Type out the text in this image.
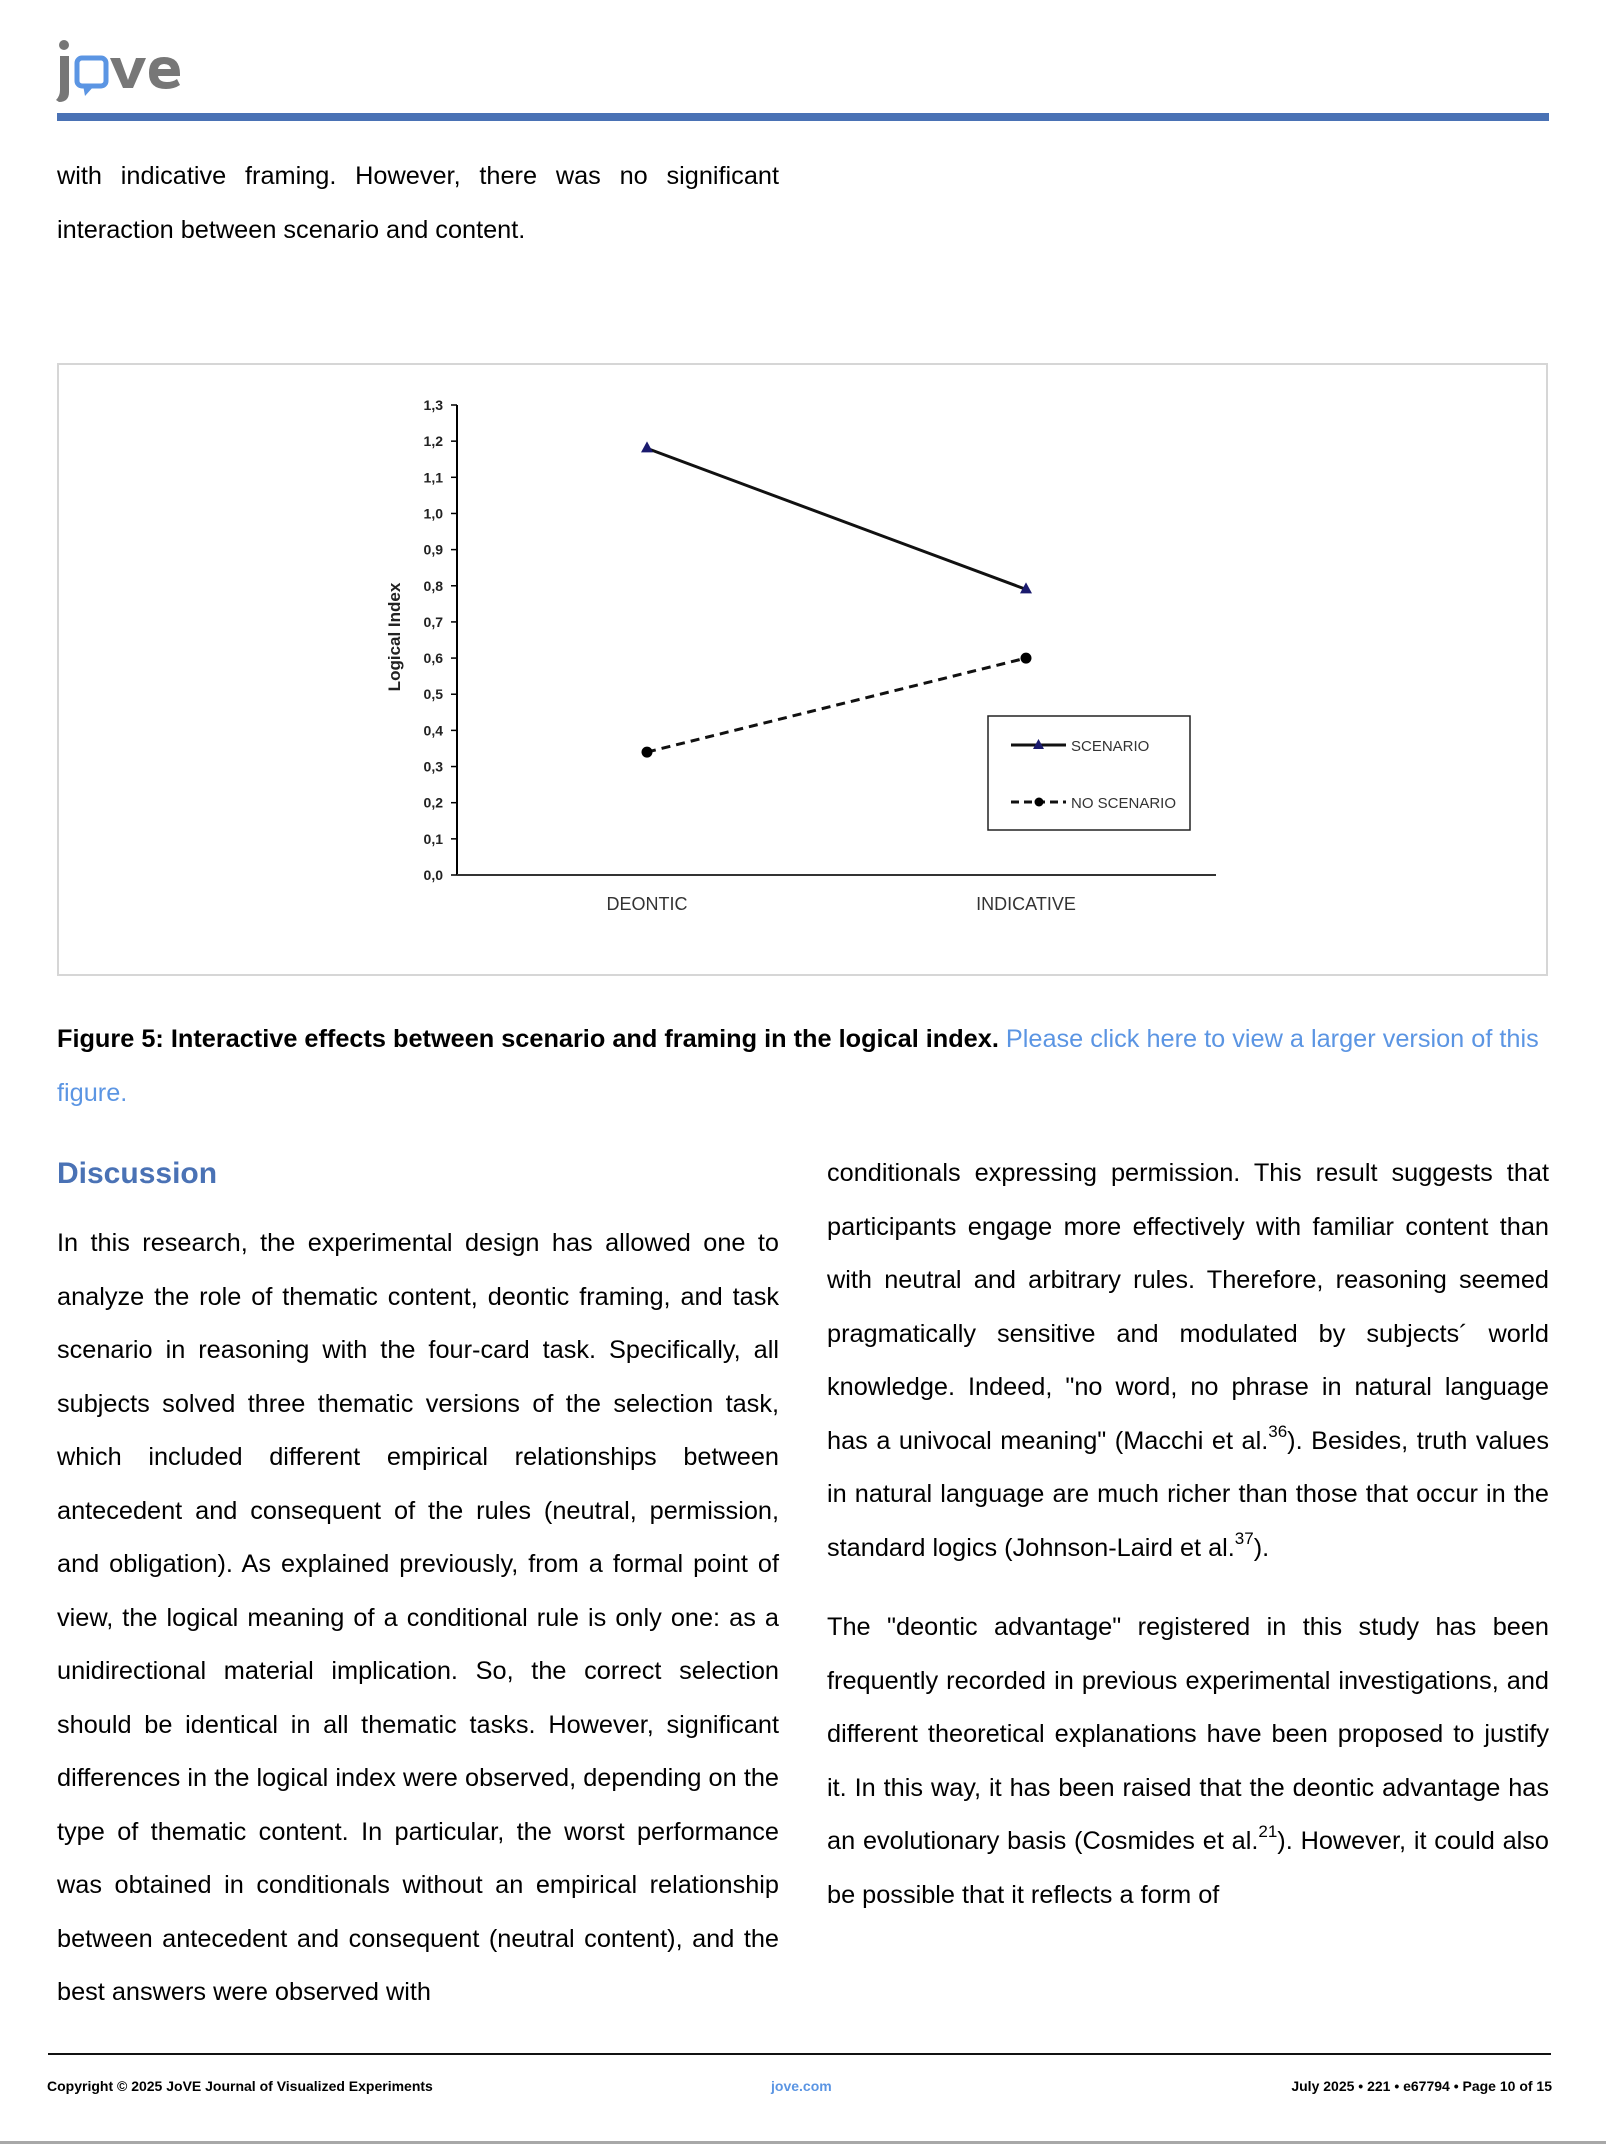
with indicative framing. However, there was no significant interaction between scenario and content.
0,0
0,1
0,2
0,3
0,4
0,5
0,6
0,7
0,8
0,9
1,0
1,1
1,2
1,3
Logical Index
DEONTIC	INDICATIVE
SCENARIO
NO SCENARIO
Figure 5: Interactive effects between scenario and framing in the logical index. Please click here to view a larger version of this figure.
Discussion

In this research, the experimental design has allowed one to analyze the role of thematic content, deontic framing, and task scenario in reasoning with the four-card task. Specifically, all subjects solved three thematic versions of the selection task, which included different empirical relationships between antecedent and consequent of the rules (neutral, permission, and obligation). As explained previously, from a formal point of view, the logical meaning of a conditional rule is only one: as a unidirectional material implication. So, the correct selection should be identical in all thematic tasks. However, significant differences in the logical index were observed, depending on the type of thematic content. In particular, the worst performance was obtained in conditionals without an empirical relationship between antecedent and consequent (neutral content), and the best answers were observed with

conditionals expressing permission. This result suggests that participants engage more effectively with familiar content than with neutral and arbitrary rules. Therefore, reasoning seemed pragmatically sensitive and modulated by subjects´ world knowledge. Indeed, "no word, no phrase in natural language has a univocal meaning" (Macchi et al.$^{36}$). Besides, truth values in natural language are much richer than those that occur in the standard logics (Johnson-Laird et al.$^{37}$).

The "deontic advantage" registered in this study has been frequently recorded in previous experimental investigations, and different theoretical explanations have been proposed to justify it. In this way, it has been raised that the deontic advantage has an evolutionary basis (Cosmides et al.$^{21}$). However, it could also be possible that it reflects a form of

Copyright © 2025 JoVE Journal of Visualized Experiments	jove.com	July 2025 • 221 • e67794 • Page 10 of 15
